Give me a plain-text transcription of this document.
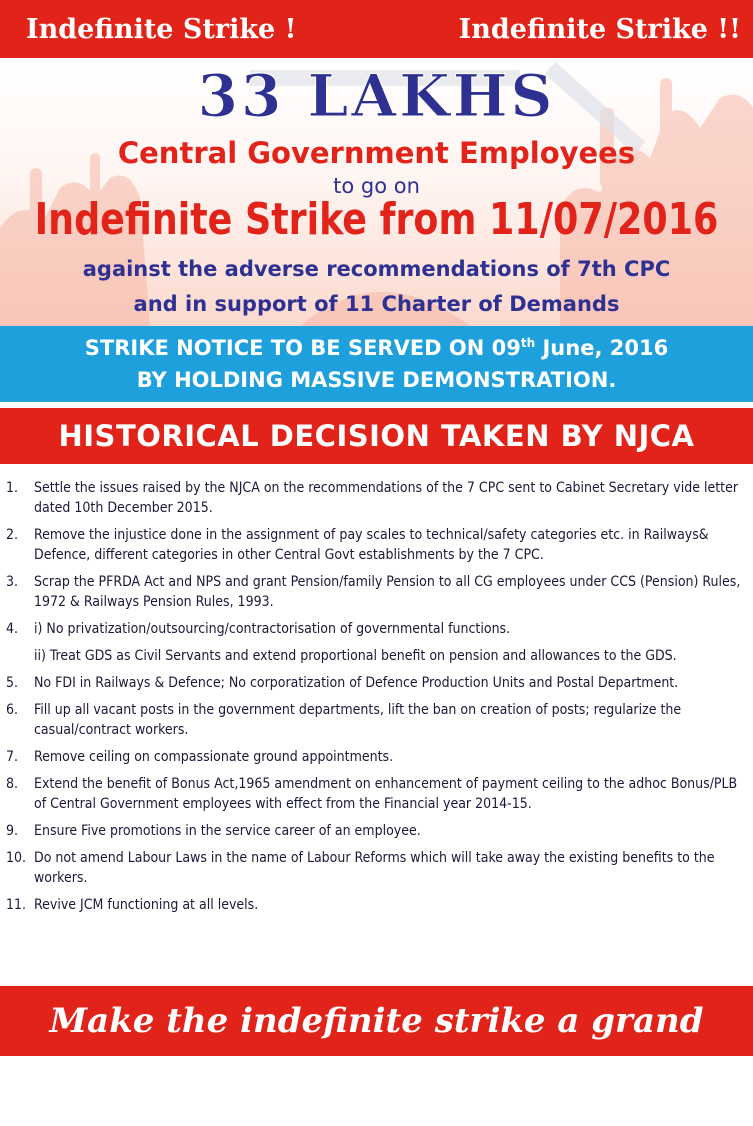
Indefinite Strike !	Indefinite Strike !!
33 LAKHS
Central Government Employees
to go on
Indefinite Strike from 11/07/2016
against the adverse recommendations of 7th CPC
and in support of 11 Charter of Demands
STRIKE NOTICE TO BE SERVED ON 09th June, 2016
BY HOLDING MASSIVE DEMONSTRATION.
HISTORICAL DECISION TAKEN BY NJCA
1. Settle the issues raised by the NJCA on the recommendations of the 7 CPC sent to Cabinet Secretary vide letter dated 10th December 2015.
2. Remove the injustice done in the assignment of pay scales to technical/safety categories etc. in Railways& Defence, different categories in other Central Govt establishments by the 7 CPC.
3. Scrap the PFRDA Act and NPS and grant Pension/family Pension to all CG employees under CCS (Pension) Rules, 1972 & Railways Pension Rules, 1993.
4. i) No privatization/outsourcing/contractorisation of governmental functions.
ii) Treat GDS as Civil Servants and extend proportional benefit on pension and allowances to the GDS.
5. No FDI in Railways & Defence; No corporatization of Defence Production Units and Postal Department.
6. Fill up all vacant posts in the government departments, lift the ban on creation of posts; regularize the casual/contract workers.
7. Remove ceiling on compassionate ground appointments.
8. Extend the benefit of Bonus Act,1965 amendment on enhancement of payment ceiling to the adhoc Bonus/PLB of Central Government employees with effect from the Financial year 2014-15.
9. Ensure Five promotions in the service career of an employee.
10. Do not amend Labour Laws in the name of Labour Reforms which will take away the existing benefits to the workers.
11. Revive JCM functioning at all levels.
Make the indefinite strike a grand success!
